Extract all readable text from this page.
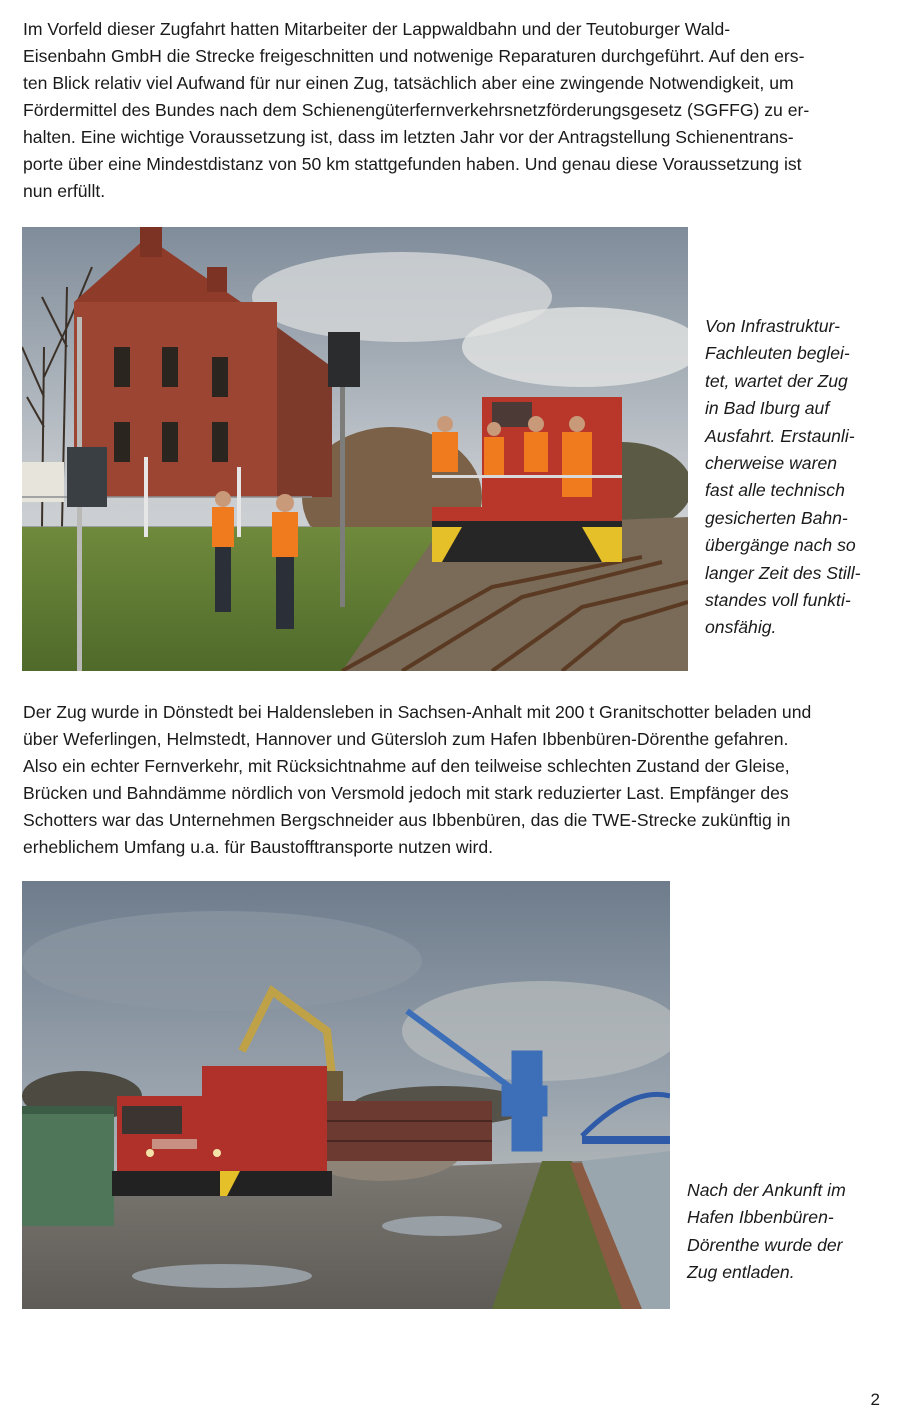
Im Vorfeld dieser Zugfahrt hatten Mitarbeiter der Lappwaldbahn und der Teutoburger Wald-
Eisenbahn GmbH die Strecke freigeschnitten und notwenige Reparaturen durchgeführt. Auf den ers-
ten Blick relativ viel Aufwand für nur einen Zug, tatsächlich aber eine zwingende Notwendigkeit, um
Fördermittel des Bundes nach dem Schienengüterfernverkehrsnetzförderungsgesetz (SGFFG) zu er-
halten. Eine wichtige Voraussetzung ist, dass im letzten Jahr vor der Antragstellung Schienentrans-
porte über eine Mindestdistanz von 50 km stattgefunden haben. Und genau diese Voraussetzung ist
nun erfüllt.

Von Infrastruktur-
Fachleuten beglei-
tet, wartet der Zug
in Bad Iburg auf
Ausfahrt. Erstaunli-
cherweise waren
fast alle technisch
gesicherten Bahn-
übergänge nach so
langer Zeit des Still-
standes voll funkti-
onsfähig.

Der Zug wurde in Dönstedt bei Haldensleben in Sachsen-Anhalt mit 200 t Granitschotter beladen und
über Weferlingen, Helmstedt, Hannover und Gütersloh zum Hafen Ibbenbüren-Dörenthe gefahren.
Also ein echter Fernverkehr, mit Rücksichtnahme auf den teilweise schlechten Zustand der Gleise,
Brücken und Bahndämme nördlich von Versmold jedoch mit stark reduzierter Last. Empfänger des
Schotters war das Unternehmen Bergschneider aus Ibbenbüren, das die TWE-Strecke zukünftig in
erheblichem Umfang u.a. für Baustofftransporte nutzen wird.

Nach der Ankunft im
Hafen Ibbenbüren-
Dörenthe wurde der
Zug entladen.
2
